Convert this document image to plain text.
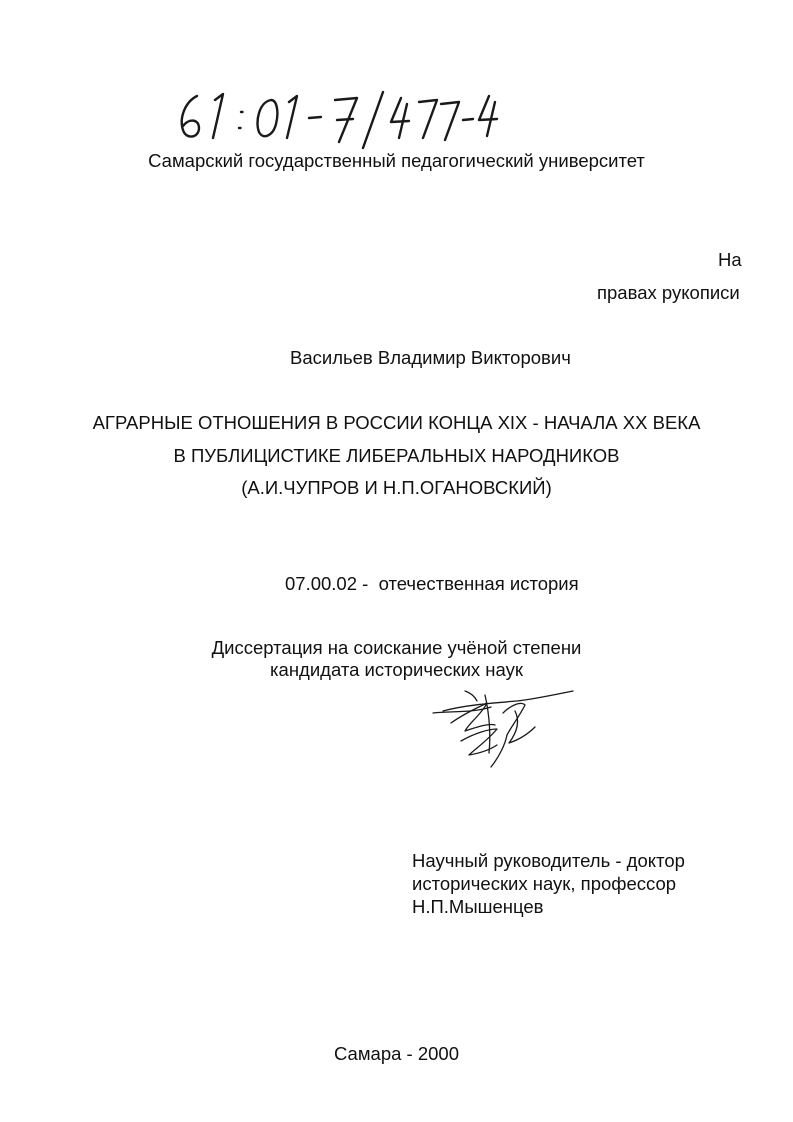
Самарский государственный педагогический университет

На

правах рукописи

Васильев Владимир Викторович

АГРАРНЫЕ ОТНОШЕНИЯ В РОССИИ КОНЦА XIX - НАЧАЛА XX ВЕКА

В ПУБЛИЦИСТИКЕ ЛИБЕРАЛЬНЫХ НАРОДНИКОВ

(А.И.ЧУПРОВ И Н.П.ОГАНОВСКИЙ)

07.00.02 - отечественная история

Диссертация на соискание учёной степени

кандидата исторических наук

Научный руководитель - доктор

исторических наук, профессор

Н.П.Мышенцев

Самара - 2000
